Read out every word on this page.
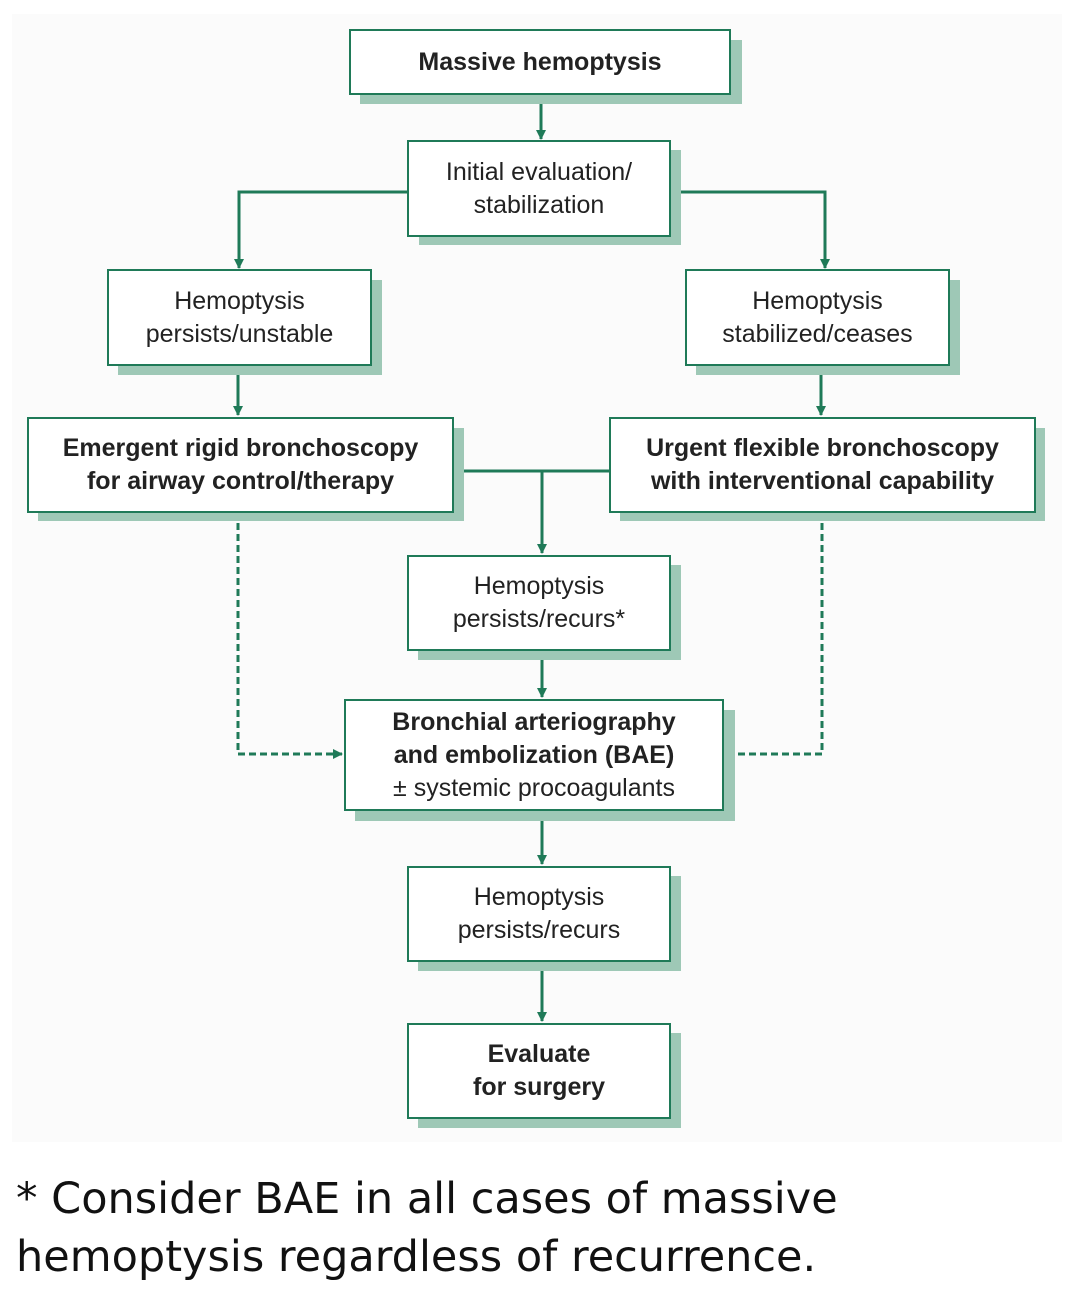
Massive hemoptysis
Initial evaluation/
stabilization
Hemoptysis
persists/unstable
Hemoptysis
stabilized/ceases
Emergent rigid bronchoscopy
for airway control/therapy
Urgent flexible bronchoscopy
with interventional capability
Hemoptysis
persists/recurs*
Bronchial arteriography
and embolization (BAE)
± systemic procoagulants
Hemoptysis
persists/recurs
Evaluate
for surgery
* Consider BAE in all cases of massive
hemoptysis regardless of recurrence.
